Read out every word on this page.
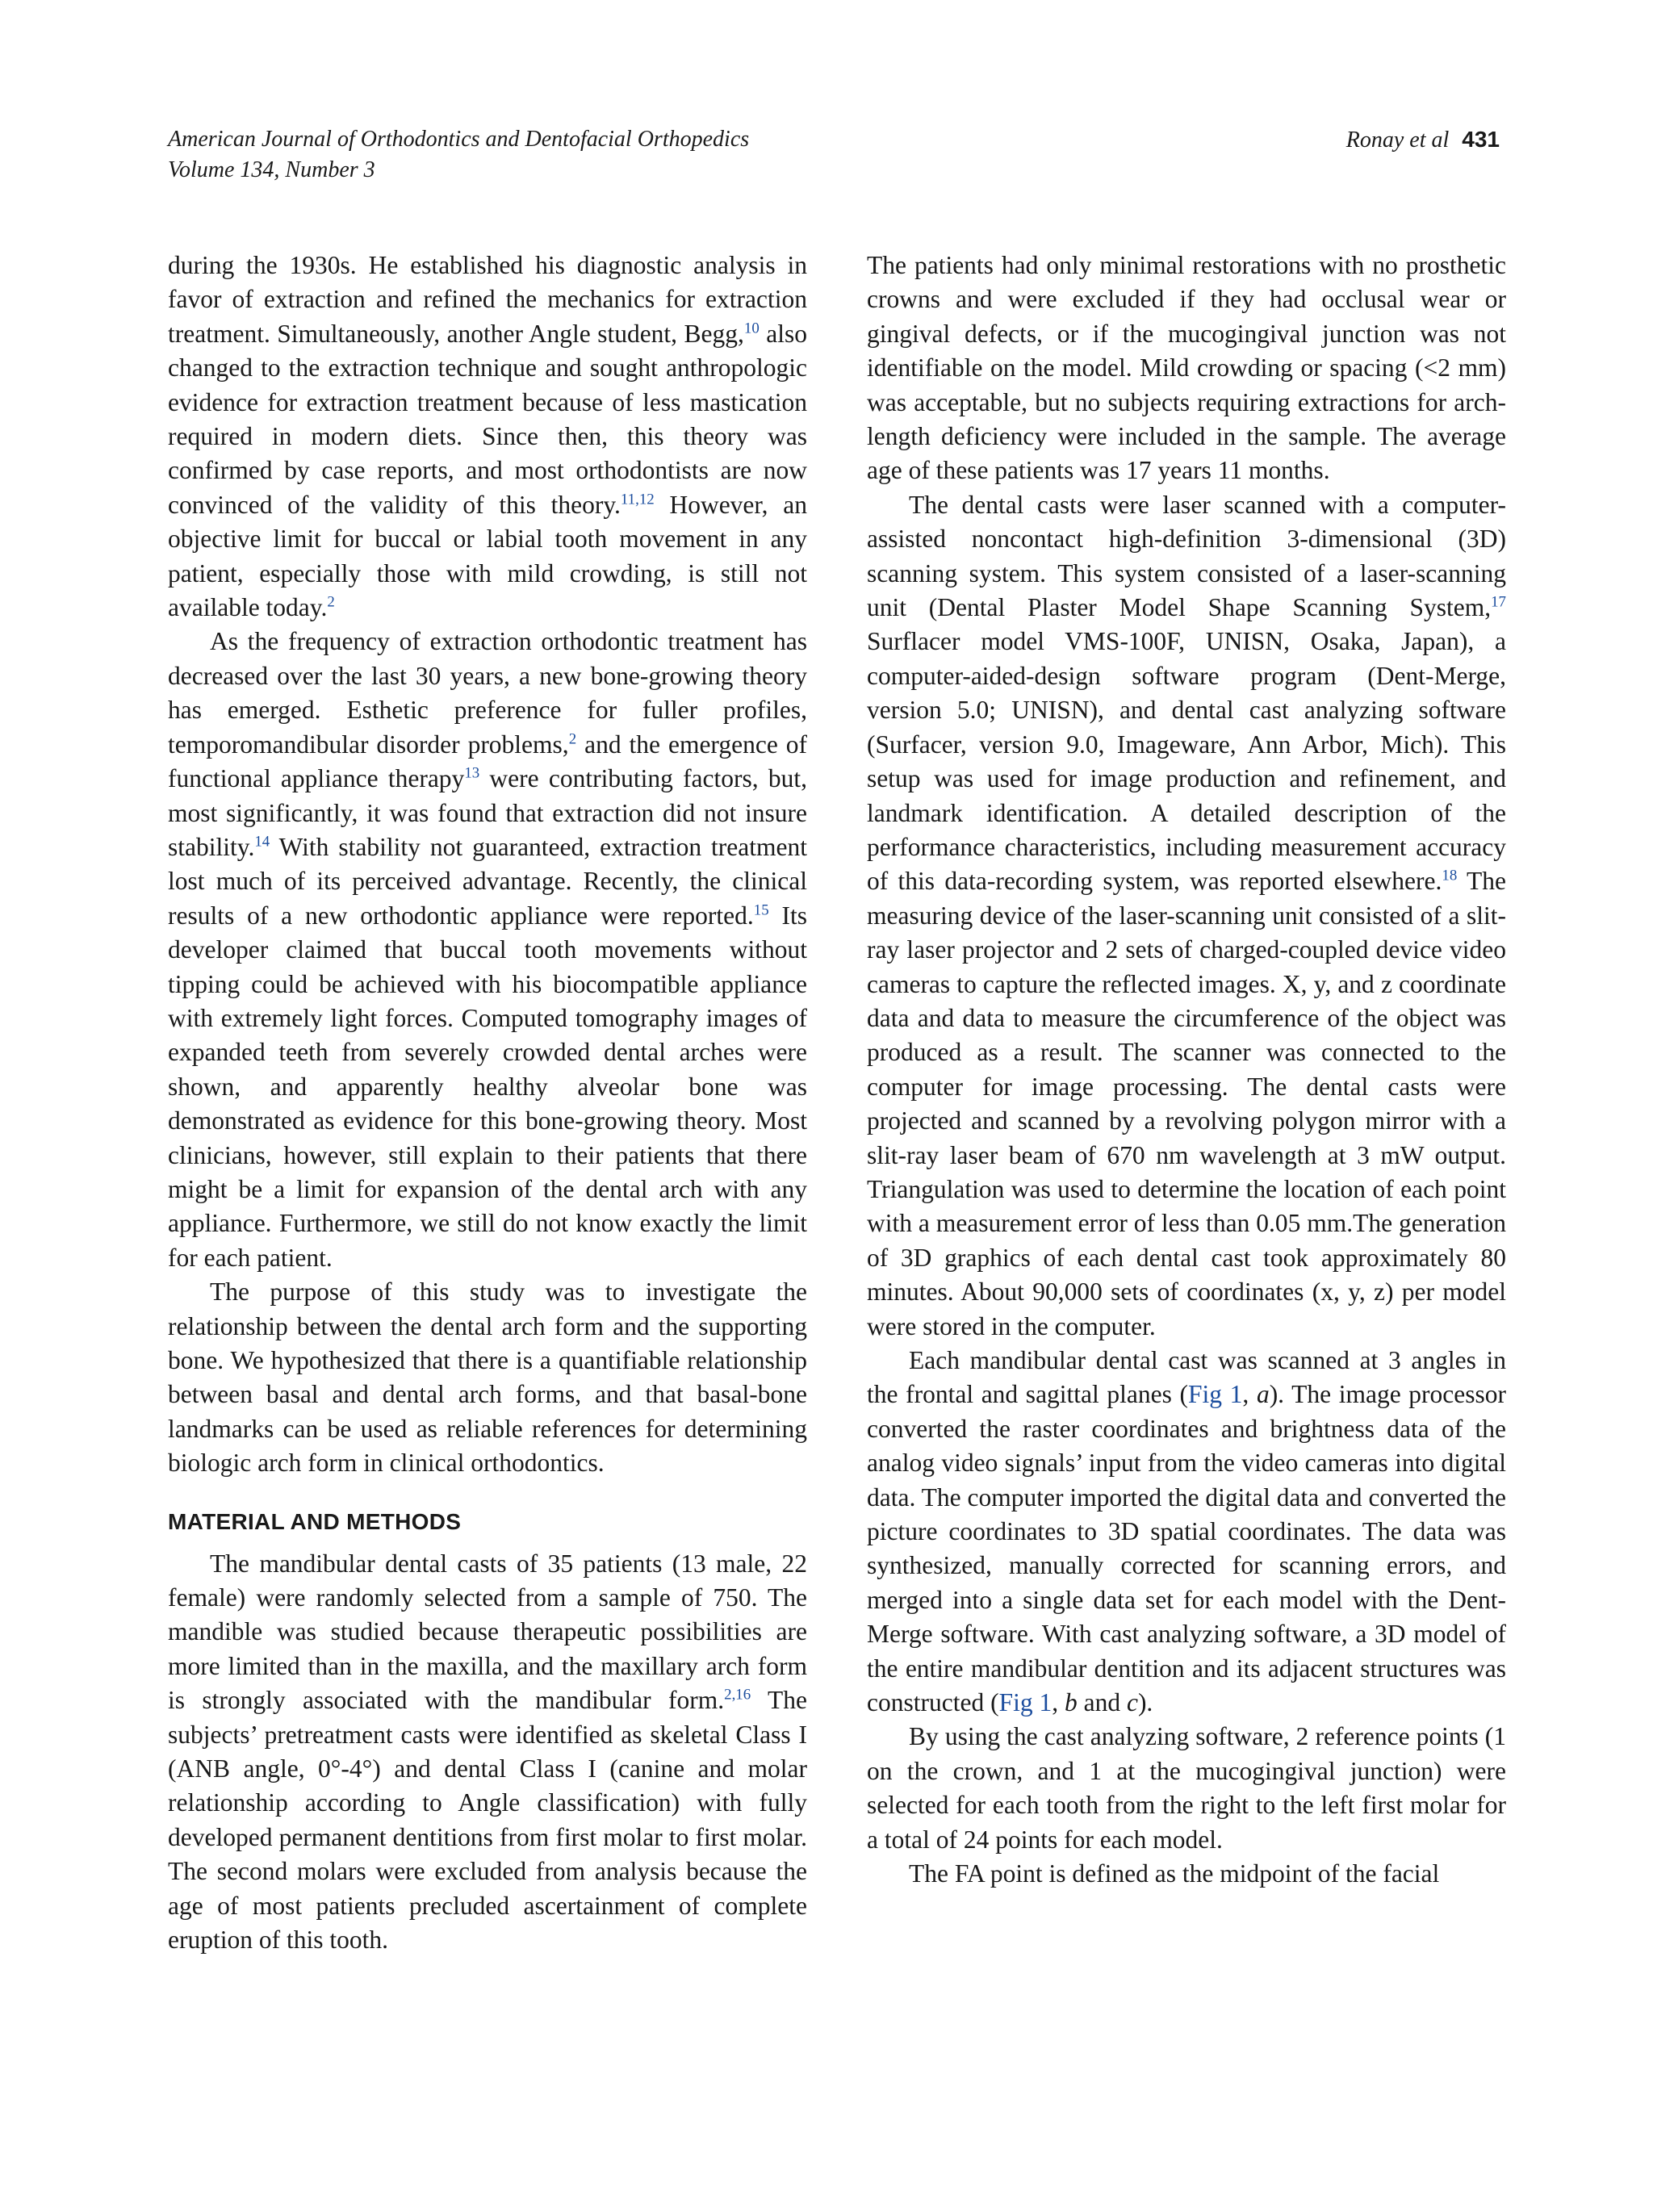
American Journal of Orthodontics and Dentofacial Orthopedics
Volume 134, Number 3
Ronay et al 431

during the 1930s. He established his diagnostic analysis in favor of extraction and refined the mechanics for extraction treatment. Simultaneously, another Angle student, Begg,$^{10}$ also changed to the extraction technique and sought anthropologic evidence for extraction treatment because of less mastication required in modern diets. Since then, this theory was confirmed by case reports, and most orthodontists are now convinced of the validity of this theory.$^{11,12}$ However, an objective limit for buccal or labial tooth movement in any patient, especially those with mild crowding, is still not available today.$^2$

As the frequency of extraction orthodontic treatment has decreased over the last 30 years, a new bone-growing theory has emerged. Esthetic preference for fuller profiles, temporomandibular disorder problems,$^2$ and the emergence of functional appliance therapy$^{13}$ were contributing factors, but, most significantly, it was found that extraction did not insure stability.$^{14}$ With stability not guaranteed, extraction treatment lost much of its perceived advantage. Recently, the clinical results of a new orthodontic appliance were reported.$^{15}$ Its developer claimed that buccal tooth movements without tipping could be achieved with his biocompatible appliance with extremely light forces. Computed tomography images of expanded teeth from severely crowded dental arches were shown, and apparently healthy alveolar bone was demonstrated as evidence for this bone-growing theory. Most clinicians, however, still explain to their patients that there might be a limit for expansion of the dental arch with any appliance. Furthermore, we still do not know exactly the limit for each patient.

The purpose of this study was to investigate the relationship between the dental arch form and the supporting bone. We hypothesized that there is a quantifiable relationship between basal and dental arch forms, and that basal-bone landmarks can be used as reliable references for determining biologic arch form in clinical orthodontics.

MATERIAL AND METHODS

The mandibular dental casts of 35 patients (13 male, 22 female) were randomly selected from a sample of 750. The mandible was studied because therapeutic possibilities are more limited than in the maxilla, and the maxillary arch form is strongly associated with the mandibular form.$^{2,16}$ The subjects’ pretreatment casts were identified as skeletal Class I (ANB angle, 0°-4°) and dental Class I (canine and molar relationship according to Angle classification) with fully developed permanent dentitions from first molar to first molar. The second molars were excluded from analysis because the age of most patients precluded ascertainment of complete eruption of this tooth.

The patients had only minimal restorations with no prosthetic crowns and were excluded if they had occlusal wear or gingival defects, or if the mucogingival junction was not identifiable on the model. Mild crowding or spacing (<2 mm) was acceptable, but no subjects requiring extractions for arch-length deficiency were included in the sample. The average age of these patients was 17 years 11 months.

The dental casts were laser scanned with a computer-assisted noncontact high-definition 3-dimensional (3D) scanning system. This system consisted of a laser-scanning unit (Dental Plaster Model Shape Scanning System,$^{17}$ Surflacer model VMS-100F, UNISN, Osaka, Japan), a computer-aided-design software program (Dent-Merge, version 5.0; UNISN), and dental cast analyzing software (Surfacer, version 9.0, Imageware, Ann Arbor, Mich). This setup was used for image production and refinement, and landmark identification. A detailed description of the performance characteristics, including measurement accuracy of this data-recording system, was reported elsewhere.$^{18}$ The measuring device of the laser-scanning unit consisted of a slit-ray laser projector and 2 sets of charged-coupled device video cameras to capture the reflected images. X, y, and z coordinate data and data to measure the circumference of the object was produced as a result. The scanner was connected to the computer for image processing. The dental casts were projected and scanned by a revolving polygon mirror with a slit-ray laser beam of 670 nm wavelength at 3 mW output. Triangulation was used to determine the location of each point with a measurement error of less than 0.05 mm.The generation of 3D graphics of each dental cast took approximately 80 minutes. About 90,000 sets of coordinates (x, y, z) per model were stored in the computer.

Each mandibular dental cast was scanned at 3 angles in the frontal and sagittal planes (Fig 1, a). The image processor converted the raster coordinates and brightness data of the analog video signals’ input from the video cameras into digital data. The computer imported the digital data and converted the picture coordinates to 3D spatial coordinates. The data was synthesized, manually corrected for scanning errors, and merged into a single data set for each model with the Dent-Merge software. With cast analyzing software, a 3D model of the entire mandibular dentition and its adjacent structures was constructed (Fig 1, b and c).

By using the cast analyzing software, 2 reference points (1 on the crown, and 1 at the mucogingival junction) were selected for each tooth from the right to the left first molar for a total of 24 points for each model.

The FA point is defined as the midpoint of the facial
